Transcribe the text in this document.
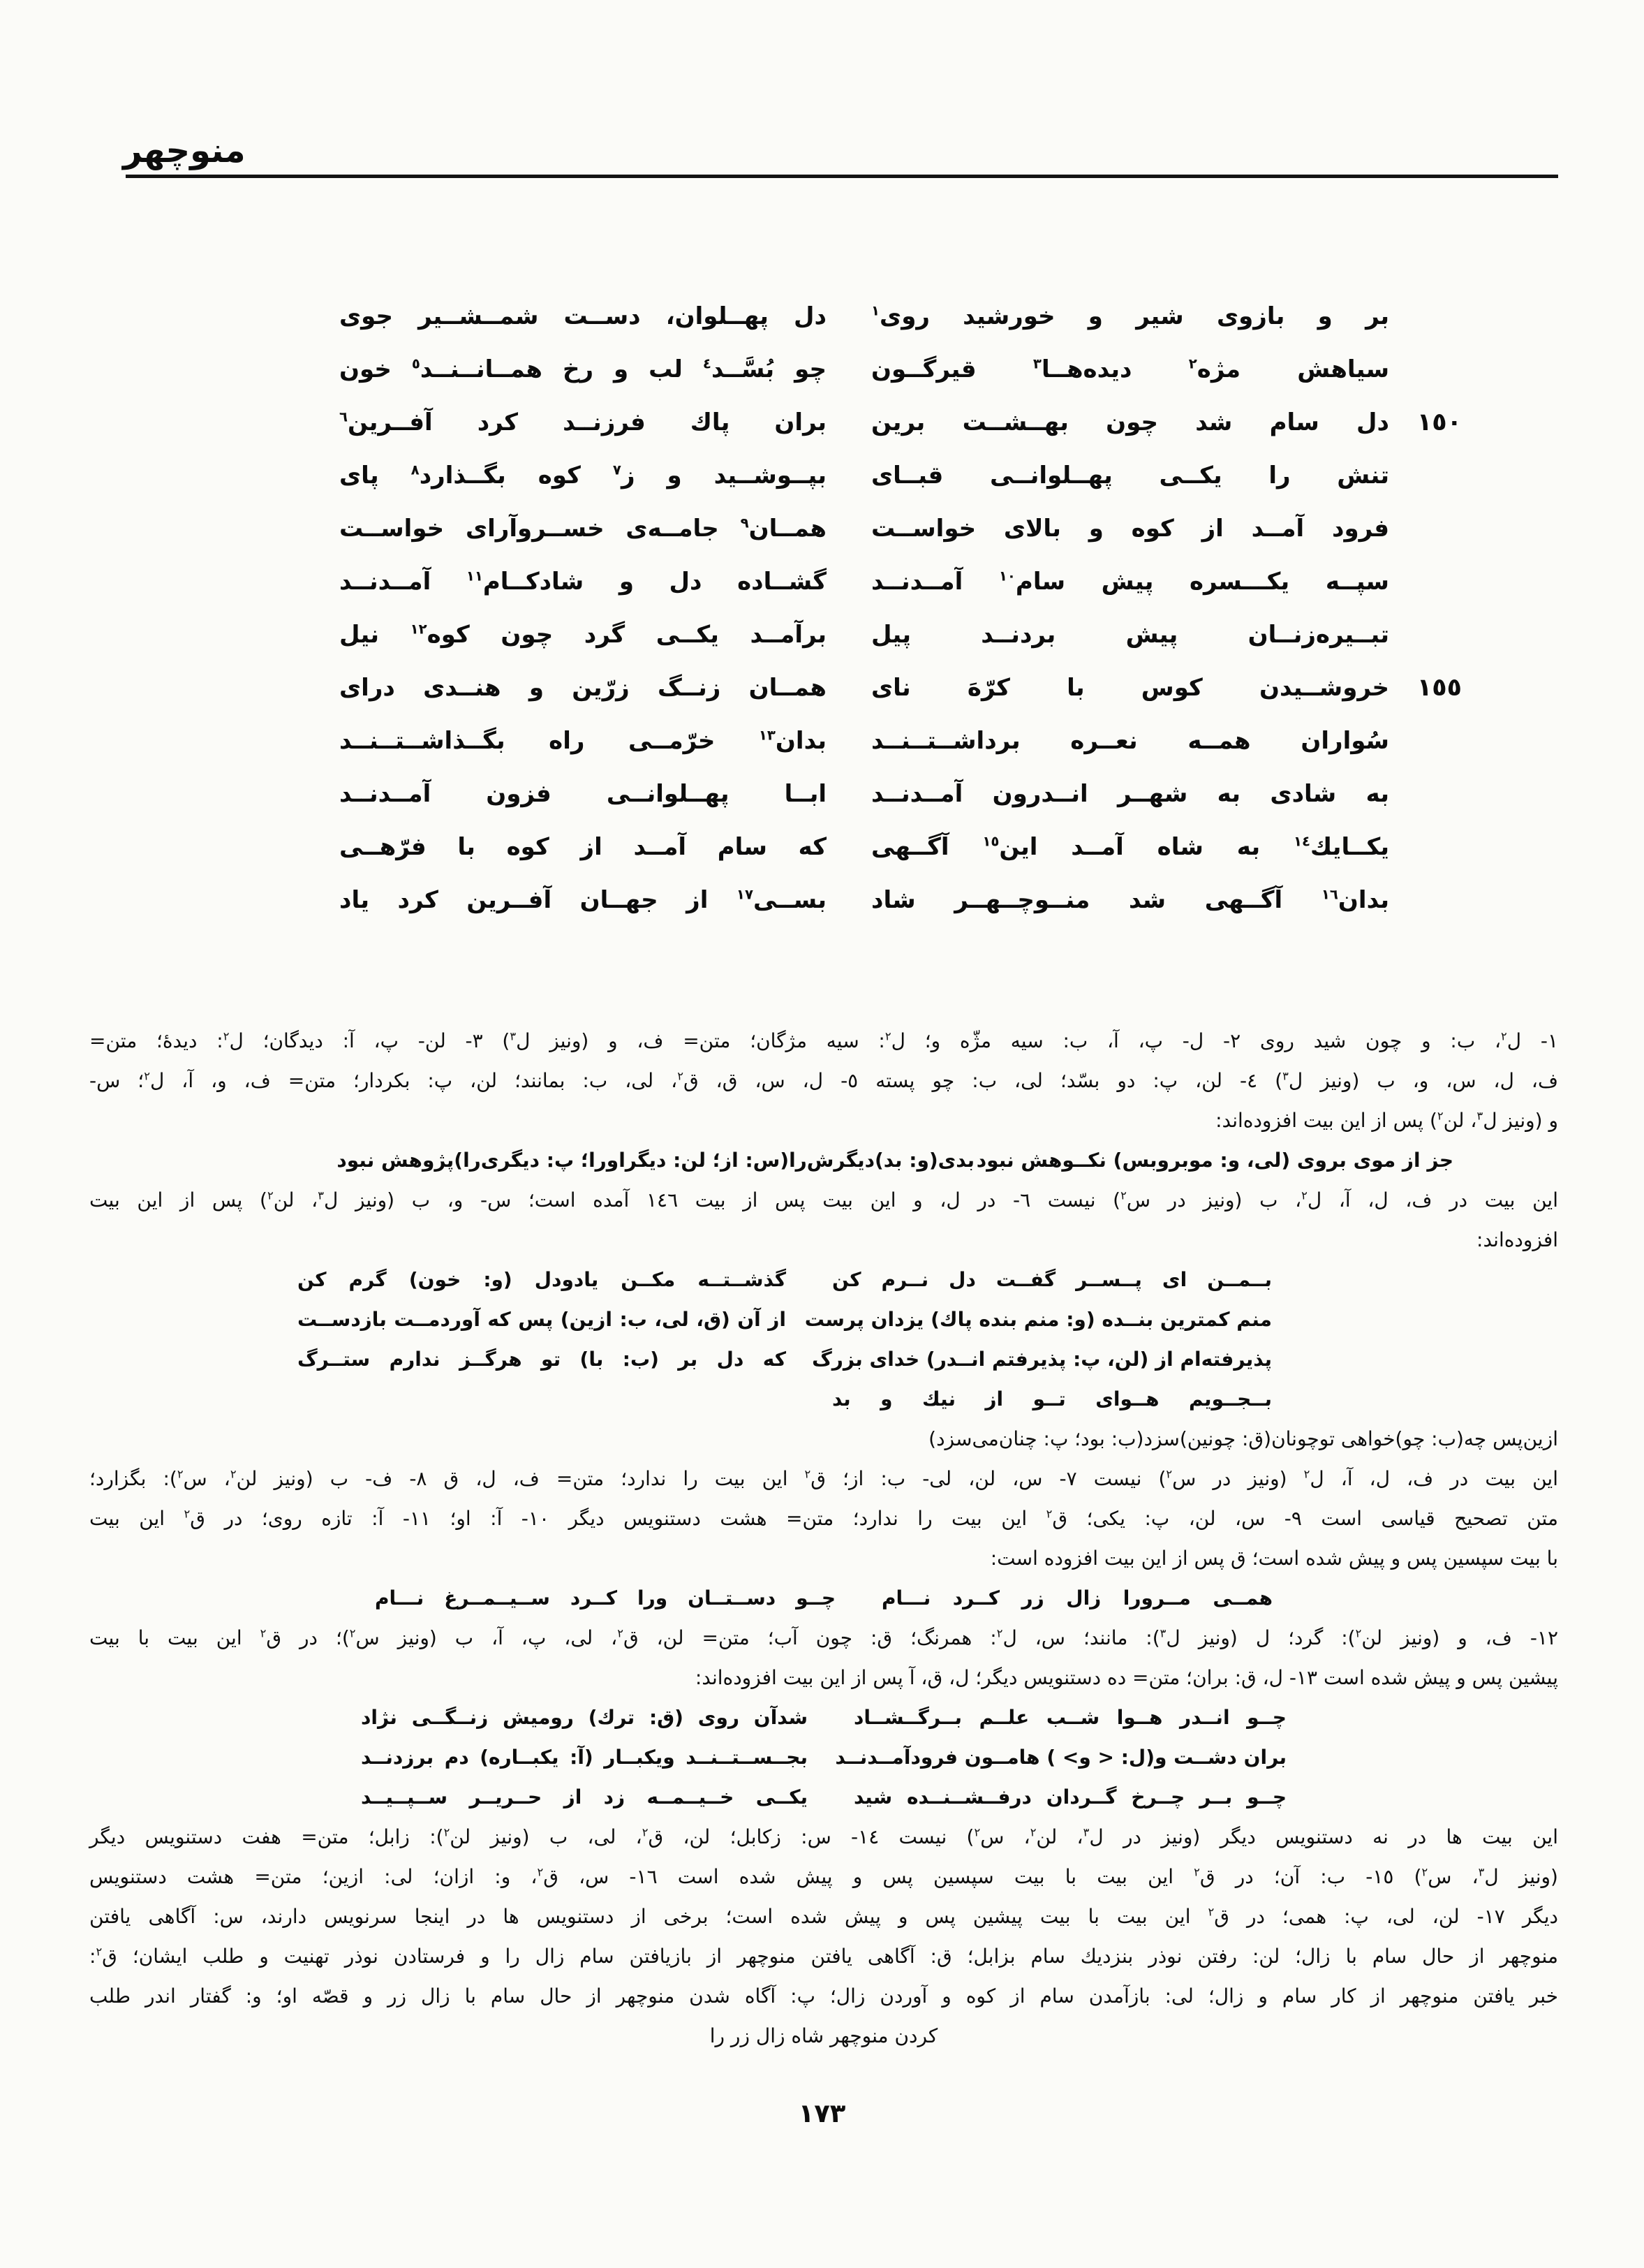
منوچهر
بر و بازوی شیر و خورشید روی$^١$
دل پهــلوان، دســت شمــشــیر جوی
سیاهش مژه$^٢$ دیده‌هــا$^٣$ قیرگــون
چو بُسَّــد$^٤$ لب و رخ همــانــنــد$^٥$ خون
١٥٠
دل سام شد چون بهــشــت برین
بران پاك فرزنــد کرد آفــرین$^٦$
تنش را یکــی پهــلوانــی قبــای
بپــوشــید و ز$^٧$ کوه بگــذارد$^٨$ پای
فرود آمــد از کوه و بالای خواســت
همــان$^٩$ جامــه‌ی خســروآرای خواســت
سپــه یکـــسره پیش سام$^{١٠}$ آمــدنــد
گشــاده دل و شادکــام$^{١١}$ آمــدنــد
تبــیره‌زنــان پیش بردنــد پیل
برآمــد یکــی گرد چون کوه$^{١٢}$ نیل
١٥٥
خروشــیدن کوس با کرّهَ نای
همــان زنــگ زرّین و هنــدی درای
سُواران همــه نعــره برداشــتــنــد
بدان$^{١٣}$ خرّمــی راه بگــذاشــتــنــد
به شادی به شهــر انــدرون آمــدنــد
ابــا پهــلوانــی فزون آمــدنــد
یکــایك$^{١٤}$ به شاه آمــد این$^{١٥}$ آگــهی
که سام آمــد از کوه با فرّهــی
بدان$^{١٦}$ آگــهی شد منــوچــهــر شاد
بســی$^{١٧}$ از جهــان آفــرین کرد یاد
١- ل$^٢$، ب: و چون شید روی ٢- ل- پ، آ، ب: سیه مژّه و؛ ل$^٢$: سیه مژگان؛ متن= ف، و (ونیز ل$^٣$) ٣- لن- پ، آ: دیدگان؛ ل$^٢$: دیدهٔ؛ متن=
ف، ل، س، و، ب (ونیز ل$^٣$) ٤- لن، پ: دو بسّد؛ لی، ب: چو پسته ٥- ل، س، ق، ق$^٢$، لی، ب: بمانند؛ لن، پ: بکردار؛ متن= ف، و، آ، ل$^٢$؛ س-
و (ونیز ل$^٣$، لن$^٢$) پس از این بیت افزوده‌اند:
جز از موی بروی (لی، و: موبروبس) نکــوهش نبود
بدی(و: بد)دیگرش‌را(س: از؛ لن: دیگراورا؛ پ: دیگری‌را)پژوهش نبود
این بیت در ف، ل، آ، ل$^٢$، ب (ونیز در س$^٢$) نیست ٦- در ل، و این بیت پس از بیت ١٤٦ آمده است؛ س- و، ب (ونیز ل$^٣$، لن$^٢$) پس از این بیت
افزوده‌اند:
بــمــن ای پــســر گفــت دل نــرم کن
گذشــتــه مکــن یادودل (و: خون) گرم کن
منم کمترین بنــده (و: منم بنده پاك) یزدان پرست
از آن (ق، لی، ب: ازین) پس که آوردمــت بازدســت
پذیرفته‌ام از (لن، پ: پذیرفتم انــدر) خدای بزرگ
که دل بر (ب: با) تو هرگــز ندارم ستــرگ
بــجــویم هــوای تــو از نیك و بد
ازین‌پس چه(ب: چو)خواهی توچونان(ق: چونین)سزد(ب: بود؛ پ: چنان‌می‌سزد)
این بیت در ف، ل، آ، ل$^٢$ (ونیز در س$^٢$) نیست ٧- س، لن، لی- ب: از؛ ق$^٢$ این بیت را ندارد؛ متن= ف، ل، ق ٨- ف- ب (ونیز لن$^٢$، س$^٢$): بگزارد؛
متن تصحیح قیاسی است ٩- س، لن، پ: یکی؛ ق$^٢$ این بیت را ندارد؛ متن= هشت دستنویس دیگر ١٠- آ: او؛ ١١- آ: تازه روی؛ در ق$^٢$ این بیت
با بیت سپسین پس و پیش شده است؛ ق پس از این بیت افزوده است:
همــی مــرورا زال زر کــرد نـــام
چــو دســتــان ورا کــرد ســیــمــرغ نـــام
١٢- ف، و (ونیز لن$^٢$): گرد؛ ل (ونیز ل$^٣$): مانند؛ س، ل$^٢$: همرنگ؛ ق: چون آب؛ متن= لن، ق$^٢$، لی، پ، آ، ب (ونیز س$^٢$)؛ در ق$^٢$ این بیت با بیت
پیشین پس و پیش شده است ١٣- ل، ق: بران؛ متن= ده دستنویس دیگر؛ ل، ق، آ پس از این بیت افزوده‌اند:
چــو انــدر هــوا شــب علــم بــرگــشــاد
شدآن روی (ق: ترك) رومیش زنــگــی نژاد
بران دشــت و(ل: < و> ) هامــون فرودآمــدنــد
بجــســتــنــد ویکبــار (آ: یکبــاره) دم برزدنــد
چــو بــر چــرخ گــردان درفــشــنــده شید
یکــی خــیــمــه زد از حــریــر ســپــیــد
این بیت ها در نه دستنویس دیگر (ونیز در ل$^٣$، لن$^٢$، س$^٢$) نیست ١٤- س: زکابل؛ لن، ق$^٢$، لی، ب (ونیز لن$^٢$): زابل؛ متن= هفت دستنویس دیگر
(ونیز ل$^٣$، س$^٢$) ١٥- ب: آن؛ در ق$^٢$ این بیت با بیت سپسین پس و پیش شده است ١٦- س، ق$^٢$، و: ازان؛ لی: ازین؛ متن= هشت دستنویس
دیگر ١٧- لن، لی، پ: همی؛ در ق$^٢$ این بیت با بیت پیشین پس و پیش شده است؛ برخی از دستنویس ها در اینجا سرنویس دارند، س: آگاهی یافتن
منوچهر از حال سام با زال؛ لن: رفتن نوذر بنزدیك سام بزابل؛ ق: آگاهی یافتن منوچهر از بازیافتن سام زال را و فرستادن نوذر تهنیت و طلب ایشان؛ ق$^٢$:
خبر یافتن منوچهر از کار سام و زال؛ لی: بازآمدن سام از کوه و آوردن زال؛ پ: آگاه شدن منوچهر از حال سام با زال زر و قصّه او؛ و: گفتار اندر طلب
کردن منوچهر شاه زال زر را
١٧٣
